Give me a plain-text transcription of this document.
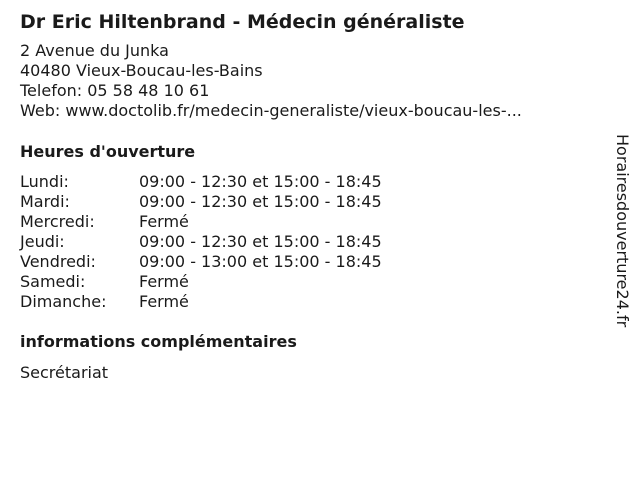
Dr Eric Hiltenbrand - Médecin généraliste
2 Avenue du Junka
40480 Vieux-Boucau-les-Bains
Telefon: 05 58 48 10 61
Web: www.doctolib.fr/medecin-generaliste/vieux-boucau-les-...
Heures d'ouverture
Lundi:	09:00 - 12:30 et 15:00 - 18:45
Mardi:	09:00 - 12:30 et 15:00 - 18:45
Mercredi:	Fermé
Jeudi:	09:00 - 12:30 et 15:00 - 18:45
Vendredi:	09:00 - 13:00 et 15:00 - 18:45
Samedi:	Fermé
Dimanche:	Fermé
informations complémentaires
Secrétariat
Horairesdouverture24.fr
